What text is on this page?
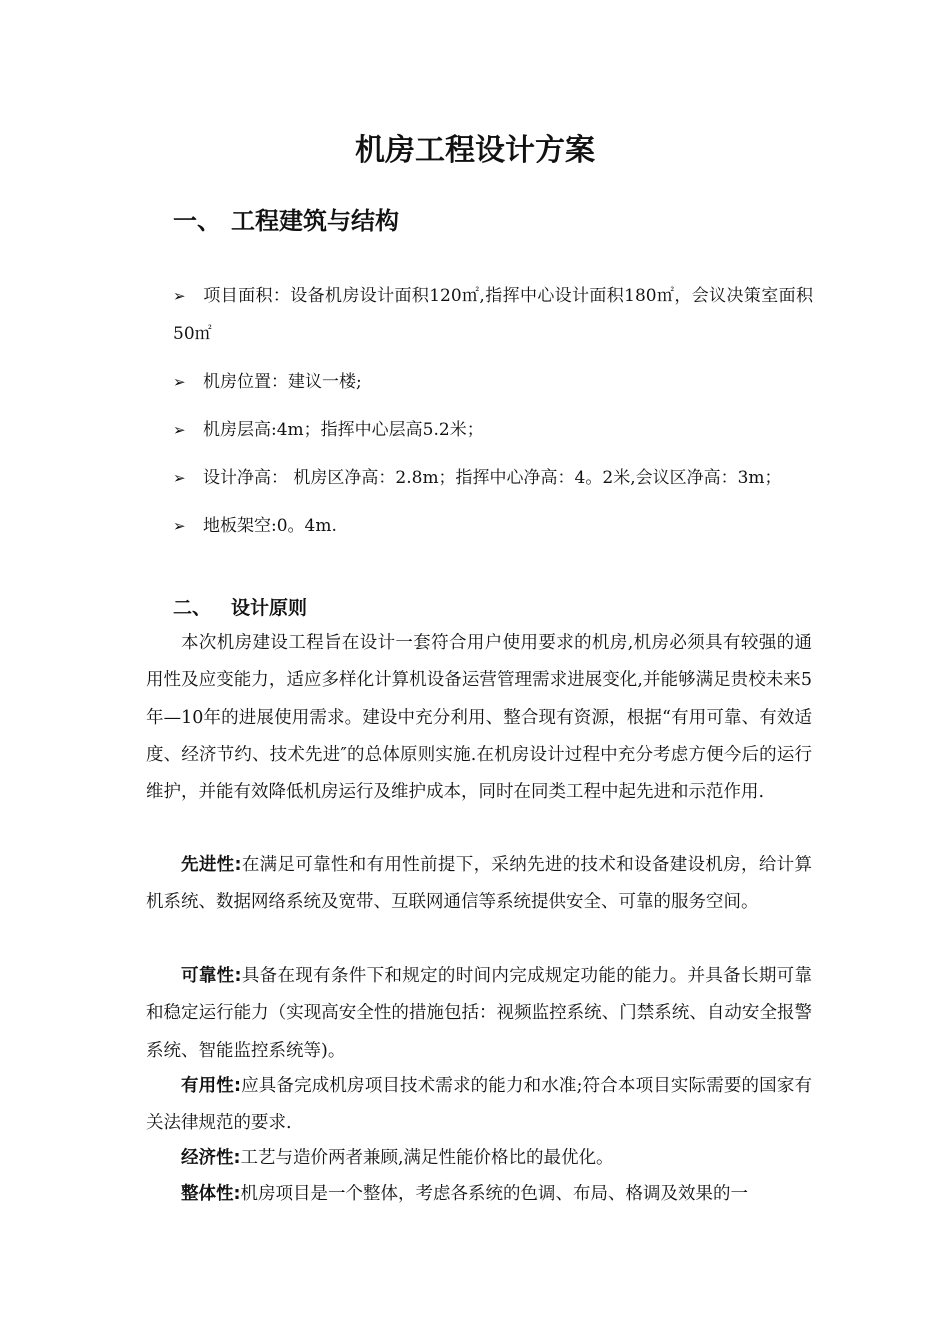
机房工程设计方案
一、 工程建筑与结构
➢ 项目面积：设备机房设计面积120㎡,指挥中心设计面积180㎡，会议决策室面积50㎡
➢ 机房位置：建议一楼;
➢ 机房层高:4m；指挥中心层高5.2米；
➢ 设计净高： 机房区净高：2.8m；指挥中心净高：4。2米,会议区净高：3m；
➢ 地板架空:0。4m.
二、 设计原则

本次机房建设工程旨在设计一套符合用户使用要求的机房,机房必须具有较强的通用性及应变能力，适应多样化计算机设备运营管理需求进展变化,并能够满足贵校未来5年—10年的进展使用需求。建设中充分利用、整合现有资源，根据“有用可靠、有效适度、经济节约、技术先进″的总体原则实施.在机房设计过程中充分考虑方便今后的运行维护，并能有效降低机房运行及维护成本，同时在同类工程中起先进和示范作用.

先进性:在满足可靠性和有用性前提下，采纳先进的技术和设备建设机房，给计算机系统、数据网络系统及宽带、互联网通信等系统提供安全、可靠的服务空间。

可靠性:具备在现有条件下和规定的时间内完成规定功能的能力。并具备长期可靠和稳定运行能力（实现高安全性的措施包括：视频监控系统、门禁系统、自动安全报警系统、智能监控系统等)。

有用性:应具备完成机房项目技术需求的能力和水准;符合本项目实际需要的国家有关法律规范的要求.

经济性:工艺与造价两者兼顾,满足性能价格比的最优化。

整体性:机房项目是一个整体，考虑各系统的色调、布局、格调及效果的一
